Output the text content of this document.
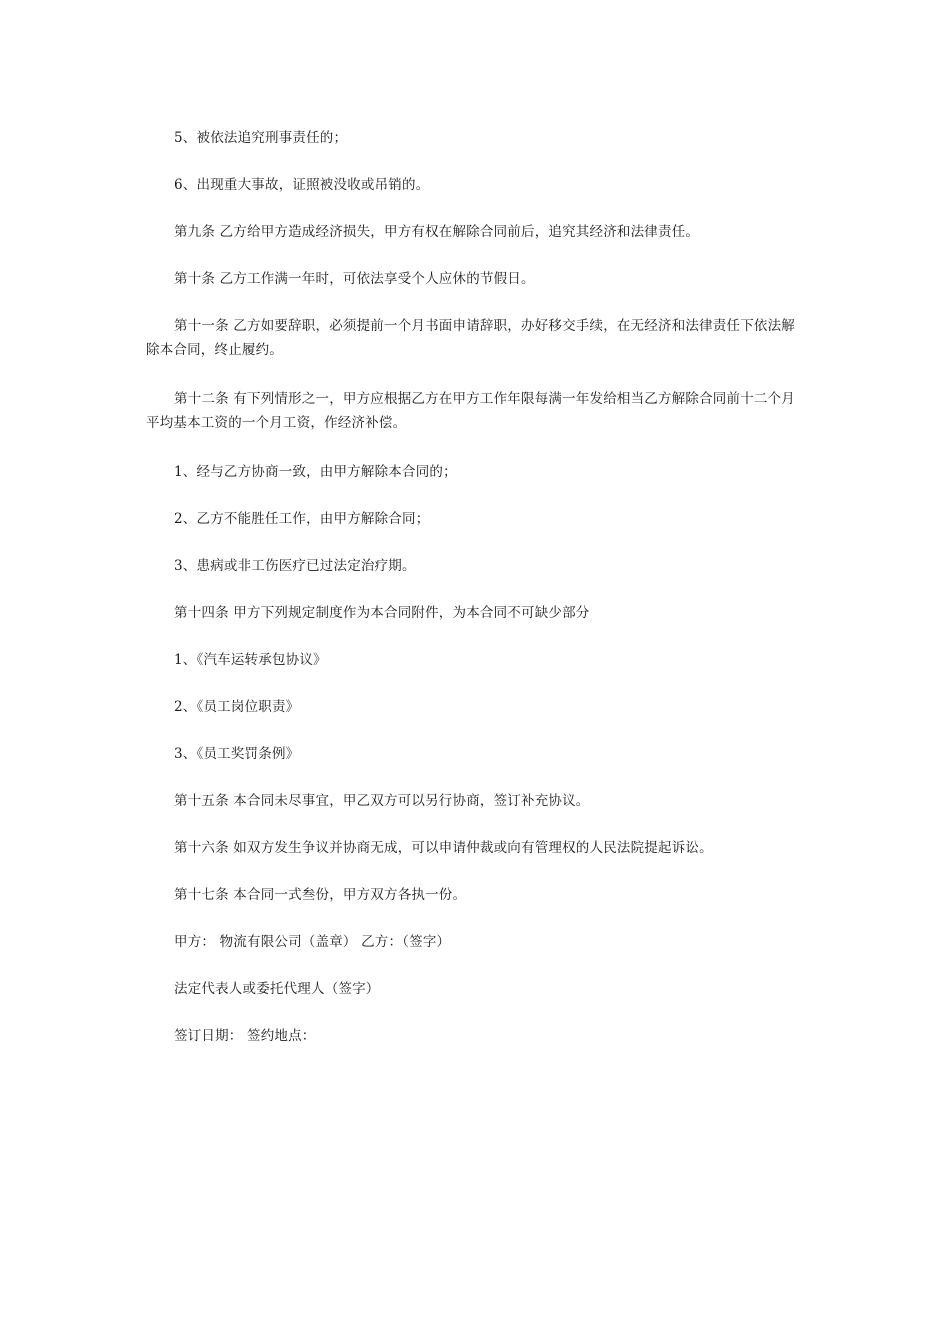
5、被依法追究刑事责任的；

6、出现重大事故，证照被没收或吊销的。

第九条 乙方给甲方造成经济损失，甲方有权在解除合同前后，追究其经济和法律责任。

第十条 乙方工作满一年时，可依法享受个人应休的节假日。

第十一条 乙方如要辞职，必须提前一个月书面申请辞职，办好移交手续，在无经济和法律责任下依法解除本合同，终止履约。

第十二条 有下列情形之一，甲方应根据乙方在甲方工作年限每满一年发给相当乙方解除合同前十二个月平均基本工资的一个月工资，作经济补偿。

1、经与乙方协商一致，由甲方解除本合同的；

2、乙方不能胜任工作，由甲方解除合同；

3、患病或非工伤医疗已过法定治疗期。

第十四条 甲方下列规定制度作为本合同附件，为本合同不可缺少部分

1、《汽车运转承包协议》

2、《员工岗位职责》

3、《员工奖罚条例》

第十五条 本合同未尽事宜，甲乙双方可以另行协商，签订补充协议。

第十六条 如双方发生争议并协商无成，可以申请仲裁或向有管理权的人民法院提起诉讼。

第十七条 本合同一式叁份，甲方双方各执一份。

甲方： 物流有限公司（盖章） 乙方：（签字）

法定代表人或委托代理人（签字）

签订日期： 签约地点：
